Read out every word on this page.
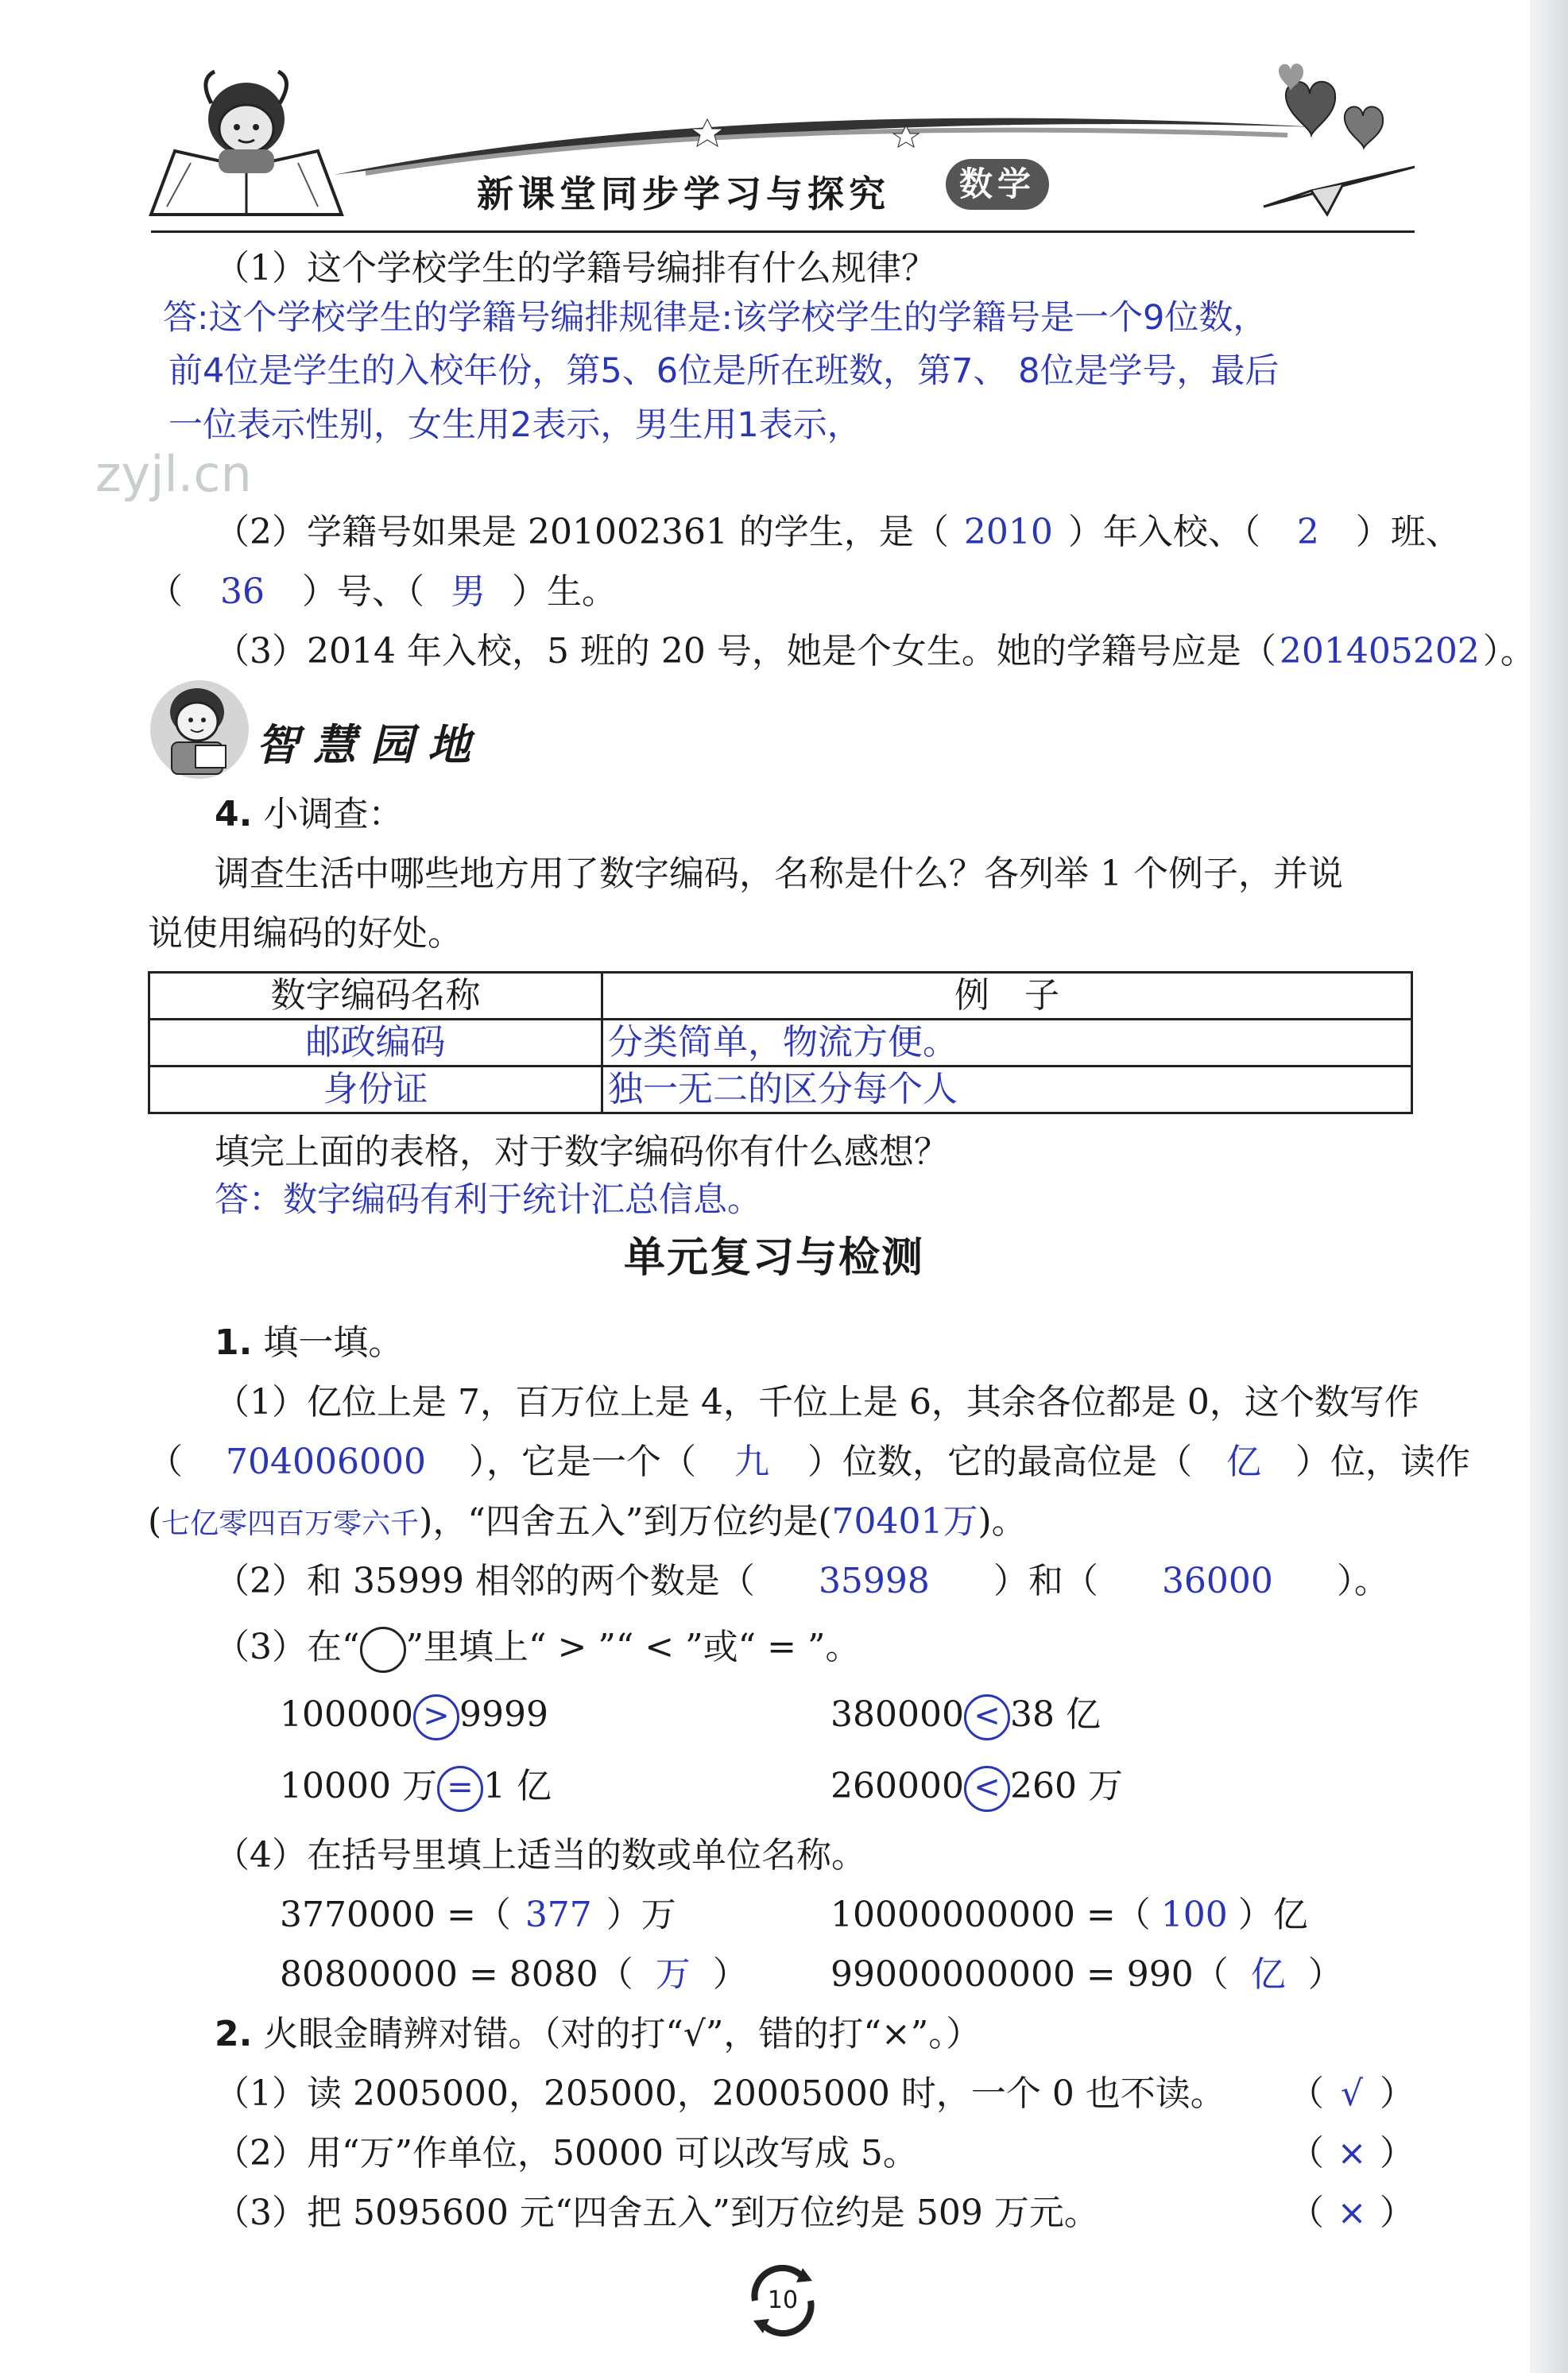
新课堂同步学习与探究	数学
zyjl.cn
（1）这个学校学生的学籍号编排有什么规律？
答:这个学校学生的学籍号编排规律是:该学校学生的学籍号是一个9位数，
前4位是学生的入校年份，第5、6位是所在班数，第7、 8位是学号，最后
一位表示性别，女生用2表示，男生用1表示，
（2）学籍号如果是 201002361 的学生，是（ 2010 ）年入校、（ 2 ）班、
（ 36 ）号、（ 男 ）生。
（3）2014 年入校，5 班的 20 号，她是个女生。她的学籍号应是（201405202）。
智慧园地
4. 小调查：
调查生活中哪些地方用了数字编码，名称是什么？各列举 1 个例子，并说
说使用编码的好处。
数字编码名称	例　子
邮政编码	分类简单，物流方便。
身份证	独一无二的区分每个人
填完上面的表格，对于数字编码你有什么感想？
答：数字编码有利于统计汇总信息。
单元复习与检测
1. 填一填。
（1）亿位上是 7，百万位上是 4，千位上是 6，其余各位都是 0，这个数写作
（ 704006000 ），它是一个（ 九 ）位数，它的最高位是（ 亿 ）位，读作
(七亿零四百万零六千)，“四舍五入”到万位约是(70401万)。
（2）和 35999 相邻的两个数是（ 35998 ）和（ 36000 ）。
（3）在“ ”里填上“ > ”“ < ”或“ = ”。
100000 > 9999	380000 < 38 亿
10000 万 = 1 亿	260000 < 260 万
（4）在括号里填上适当的数或单位名称。
3770000 =（ 377 ）万	10000000000 =（ 100 ）亿
80800000 = 8080（ 万 ） 99000000000 = 990（ 亿 ）
2. 火眼金睛辨对错。（对的打“√”，错的打“×”。）
（1）读 2005000，205000，20005000 时，一个 0 也不读。 （ √ ）
（2）用“万”作单位，50000 可以改写成 5。	（ × ）
（3）把 5095600 元“四舍五入”到万位约是 509 万元。	（ × ）
10
